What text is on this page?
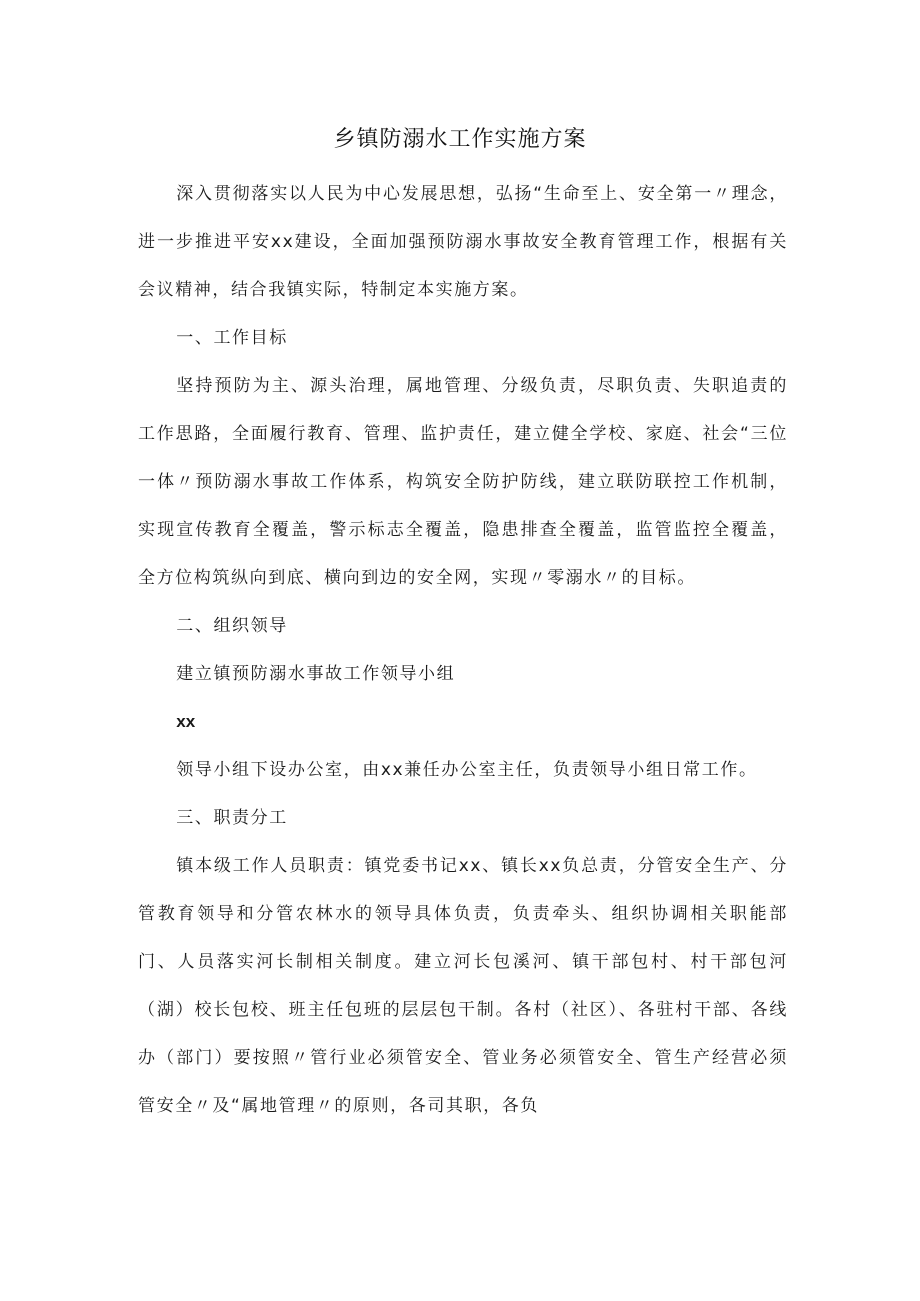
乡镇防溺水工作实施方案

深入贯彻落实以人民为中心发展思想，弘扬“生命至上、安全第一〃理念，进一步推进平安xx建设，全面加强预防溺水事故安全教育管理工作，根据有关会议精神，结合我镇实际，特制定本实施方案。

一、工作目标

坚持预防为主、源头治理，属地管理、分级负责，尽职负责、失职追责的工作思路，全面履行教育、管理、监护责任，建立健全学校、家庭、社会“三位一体〃预防溺水事故工作体系，构筑安全防护防线，建立联防联控工作机制，实现宣传教育全覆盖，警示标志全覆盖，隐患排查全覆盖，监管监控全覆盖，全方位构筑纵向到底、横向到边的安全网，实现〃零溺水〃的目标。

二、组织领导

建立镇预防溺水事故工作领导小组

xx

领导小组下设办公室，由xx兼任办公室主任，负责领导小组日常工作。

三、职责分工

镇本级工作人员职责：镇党委书记xx、镇长xx负总责，分管安全生产、分管教育领导和分管农林水的领导具体负责，负责牵头、组织协调相关职能部门、人员落实河长制相关制度。建立河长包溪河、镇干部包村、村干部包河（湖）校长包校、班主任包班的层层包干制。各村（社区）、各驻村干部、各线办（部门）要按照〃管行业必须管安全、管业务必须管安全、管生产经营必须管安全〃及“属地管理〃的原则，各司其职，各负
